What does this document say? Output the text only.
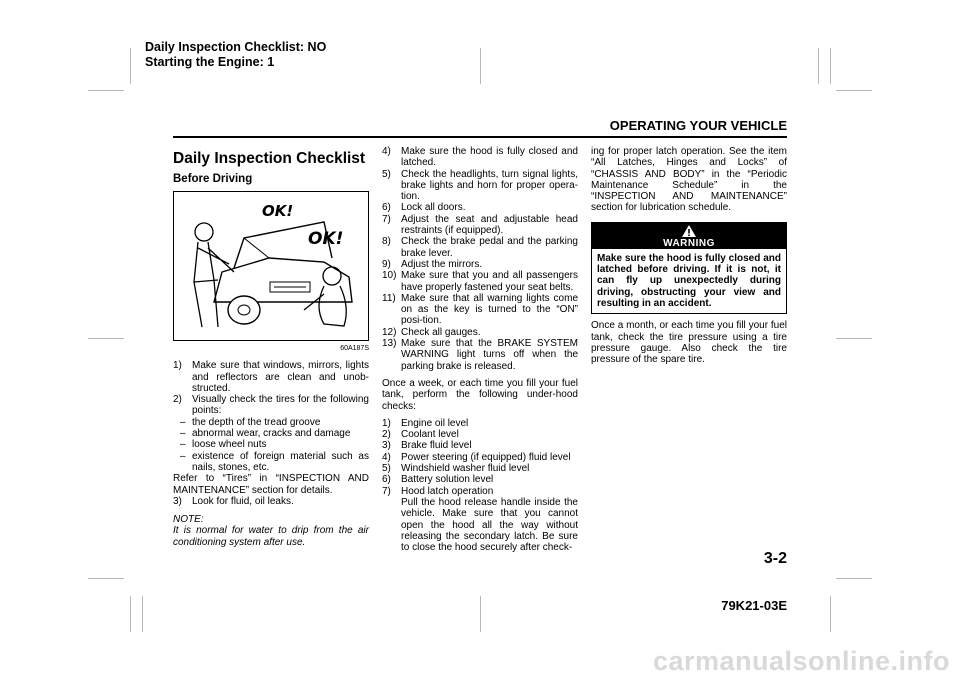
Daily Inspection Checklist: NO
Starting the Engine: 1
OPERATING YOUR VEHICLE
Daily Inspection Checklist
Before Driving
OK!
OK!
60A187S
1) Make sure that windows, mirrors, lights and reflectors are clean and unob-structed.
2) Visually check the tires for the following points:
– the depth of the tread groove
– abnormal wear, cracks and damage
– loose wheel nuts
– existence of foreign material such as nails, stones, etc.

Refer to “Tires” in “INSPECTION AND MAINTENANCE” section for details.

3) Look for fluid, oil leaks.
NOTE:
It is normal for water to drip from the air conditioning system after use.
4) Make sure the hood is fully closed and latched.
5) Check the headlights, turn signal lights, brake lights and horn for proper opera-tion.
6) Lock all doors.
7) Adjust the seat and adjustable head restraints (if equipped).
8) Check the brake pedal and the parking brake lever.
9) Adjust the mirrors.
10) Make sure that you and all passengers have properly fastened your seat belts.
11) Make sure that all warning lights come on as the key is turned to the “ON” posi-tion.
12) Check all gauges.
13) Make sure that the BRAKE SYSTEM WARNING light turns off when the parking brake is released.

Once a week, or each time you fill your fuel tank, perform the following under-hood checks:

1) Engine oil level
2) Coolant level
3) Brake fluid level
4) Power steering (if equipped) fluid level
5) Windshield washer fluid level
6) Battery solution level
7) Hood latch operation
Pull the hood release handle inside the vehicle. Make sure that you cannot open the hood all the way without releasing the secondary latch. Be sure to close the hood securely after check-

ing for proper latch operation. See the item “All Latches, Hinges and Locks” of “CHASSIS AND BODY” in the “Periodic Maintenance Schedule” in the “INSPECTION AND MAINTENANCE” section for lubrication schedule.

WARNING
Make sure the hood is fully closed and latched before driving. If it is not, it can fly up unexpectedly during driving, obstructing your view and resulting in an accident.

Once a month, or each time you fill your fuel tank, check the tire pressure using a tire pressure gauge. Also check the tire pressure of the spare tire.

3-2
79K21-03E
carmanualsonline.info
